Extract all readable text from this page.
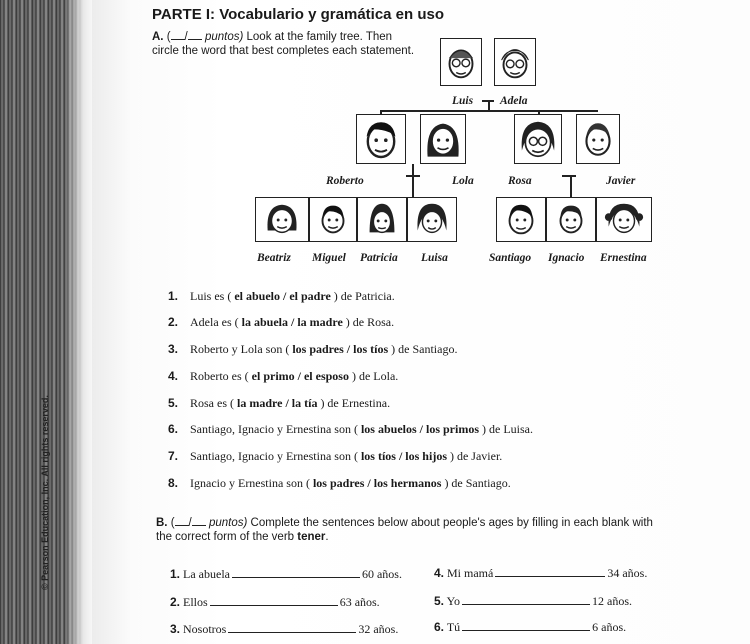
© Pearson Education, Inc. All rights reserved.
PARTE I: Vocabulario y gramática en uso
A. ( / puntos) Look at the family tree. Then circle the word that best completes each statement.
Luis Adela
Roberto	Lola	Rosa	Javier
Beatriz Miguel Patricia Luisa	Santiago Ignacio Ernestina
1. Luis es ( el abuelo / el padre ) de Patricia.
2. Adela es ( la abuela / la madre ) de Rosa.
3. Roberto y Lola son ( los padres / los tíos ) de Santiago.
4. Roberto es ( el primo / el esposo ) de Lola.
5. Rosa es ( la madre / la tía ) de Ernestina.
6. Santiago, Ignacio y Ernestina son ( los abuelos / los primos ) de Luisa.
7. Santiago, Ignacio y Ernestina son ( los tíos / los hijos ) de Javier.
8. Ignacio y Ernestina son ( los padres / los hermanos ) de Santiago.
B. ( / puntos) Complete the sentences below about people's ages by filling in each blank with the correct form of the verb tener.
1. La abuela	60 años.	4. Mi mamá	34 años.
2. Ellos	63 años.	5. Yo	12 años.
3. Nosotros	32 años.	6. Tú	6 años.
